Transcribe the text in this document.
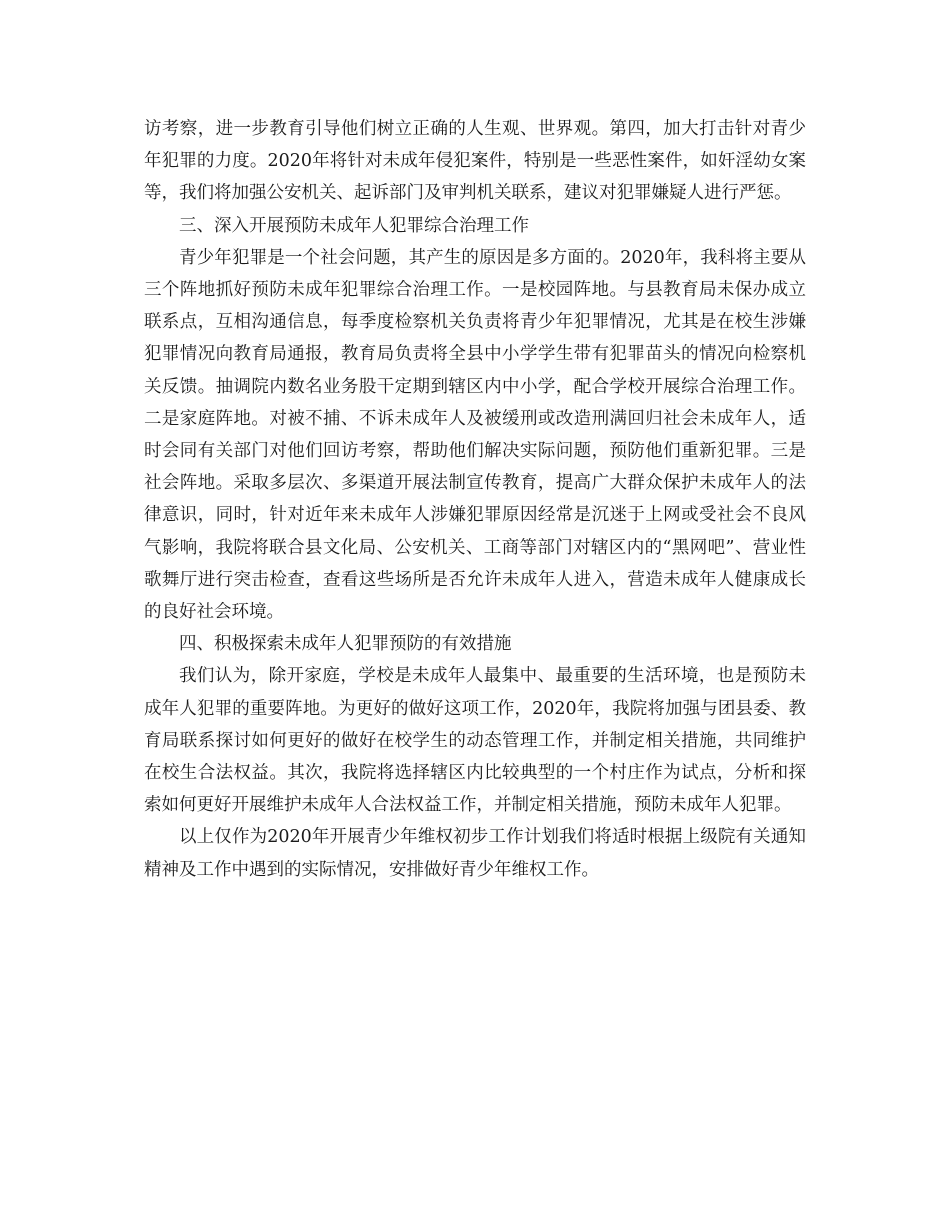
访考察，进一步教育引导他们树立正确的人生观、世界观。第四，加大打击针对青少年犯罪的力度。2020年将针对未成年侵犯案件，特别是一些恶性案件，如奸淫幼女案等，我们将加强公安机关、起诉部门及审判机关联系，建议对犯罪嫌疑人进行严惩。

三、深入开展预防未成年人犯罪综合治理工作

青少年犯罪是一个社会问题，其产生的原因是多方面的。2020年，我科将主要从三个阵地抓好预防未成年犯罪综合治理工作。一是校园阵地。与县教育局未保办成立联系点，互相沟通信息，每季度检察机关负责将青少年犯罪情况，尤其是在校生涉嫌犯罪情况向教育局通报，教育局负责将全县中小学学生带有犯罪苗头的情况向检察机关反馈。抽调院内数名业务股干定期到辖区内中小学，配合学校开展综合治理工作。二是家庭阵地。对被不捕、不诉未成年人及被缓刑或改造刑满回归社会未成年人，适时会同有关部门对他们回访考察，帮助他们解决实际问题，预防他们重新犯罪。三是社会阵地。采取多层次、多渠道开展法制宣传教育，提高广大群众保护未成年人的法律意识，同时，针对近年来未成年人涉嫌犯罪原因经常是沉迷于上网或受社会不良风气影响，我院将联合县文化局、公安机关、工商等部门对辖区内的“黑网吧”、营业性歌舞厅进行突击检查，查看这些场所是否允许未成年人进入，营造未成年人健康成长的良好社会环境。

四、积极探索未成年人犯罪预防的有效措施

我们认为，除开家庭，学校是未成年人最集中、最重要的生活环境，也是预防未成年人犯罪的重要阵地。为更好的做好这项工作，2020年，我院将加强与团县委、教育局联系探讨如何更好的做好在校学生的动态管理工作，并制定相关措施，共同维护在校生合法权益。其次，我院将选择辖区内比较典型的一个村庄作为试点，分析和探索如何更好开展维护未成年人合法权益工作，并制定相关措施，预防未成年人犯罪。

以上仅作为2020年开展青少年维权初步工作计划我们将适时根据上级院有关通知精神及工作中遇到的实际情况，安排做好青少年维权工作。
